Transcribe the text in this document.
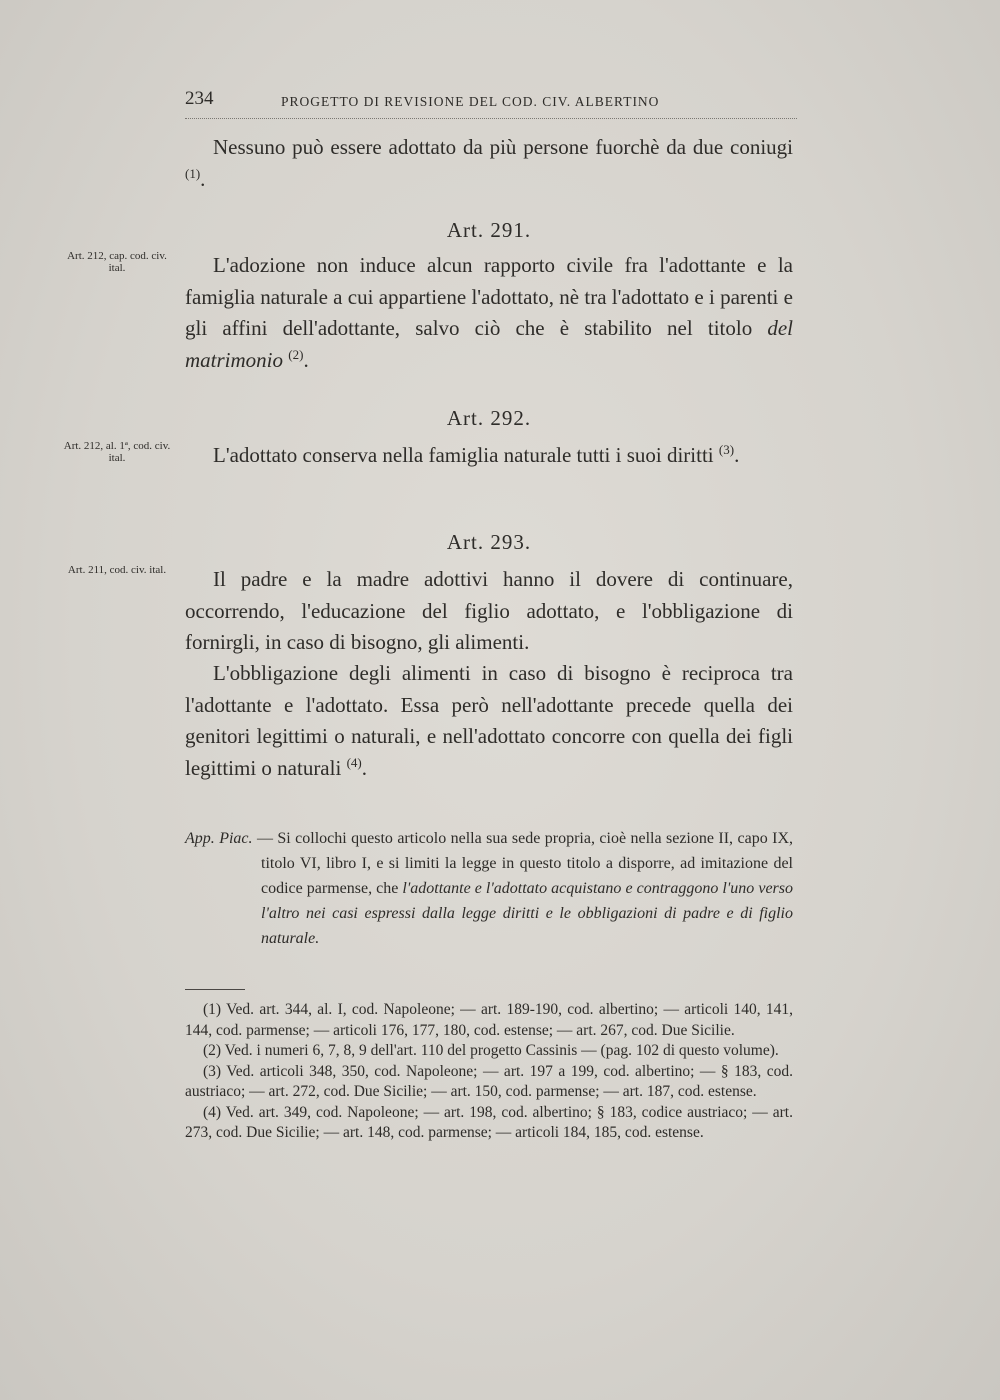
234	PROGETTO DI REVISIONE DEL COD. CIV. ALBERTINO
Nessuno può essere adottato da più persone fuorchè da due coniugi $^{(1)}$.
Art. 291.
Art. 212, cap. cod. civ. ital.	L'adozione non induce alcun rapporto civile fra l'adottante e la famiglia naturale a cui appartiene l'adottato, nè tra l'adottato e i parenti e gli affini dell'adottante, salvo ciò che è stabilito nel titolo del matrimonio $^{(2)}$.
Art. 292.
Art. 212, al. 1ª, cod. civ. ital.	L'adottato conserva nella famiglia naturale tutti i suoi diritti $^{(3)}$.
Art. 293.
Art. 211, cod. civ. ital.	Il padre e la madre adottivi hanno il dovere di continuare, occorrendo, l'educazione del figlio adottato, e l'obbligazione di fornirgli, in caso di bisogno, gli alimenti.
L'obbligazione degli alimenti in caso di bisogno è reciproca tra l'adottante e l'adottato. Essa però nell'adottante precede quella dei genitori legittimi o naturali, e nell'adottato concorre con quella dei figli legittimi o naturali $^{(4)}$.
App. Piac. — Si collochi questo articolo nella sua sede propria, cioè nella sezione II, capo IX, titolo VI, libro I, e si limiti la legge in questo titolo a disporre, ad imitazione del codice parmense, che l'adottante e l'adottato acquistano e contraggono l'uno verso l'altro nei casi espressi dalla legge diritti e le obbligazioni di padre e di figlio naturale.

(1) Ved. art. 344, al. I, cod. Napoleone; — art. 189-190, cod. albertino; — articoli 140, 141, 144, cod. parmense; — articoli 176, 177, 180, cod. estense; — art. 267, cod. Due Sicilie.

(2) Ved. i numeri 6, 7, 8, 9 dell'art. 110 del progetto Cassinis — (pag. 102 di questo volume).

(3) Ved. articoli 348, 350, cod. Napoleone; — art. 197 a 199, cod. albertino; — § 183, cod. austriaco; — art. 272, cod. Due Sicilie; — art. 150, cod. parmense; — art. 187, cod. estense.

(4) Ved. art. 349, cod. Napoleone; — art. 198, cod. albertino; § 183, codice austriaco; — art. 273, cod. Due Sicilie; — art. 148, cod. parmense; — articoli 184, 185, cod. estense.
